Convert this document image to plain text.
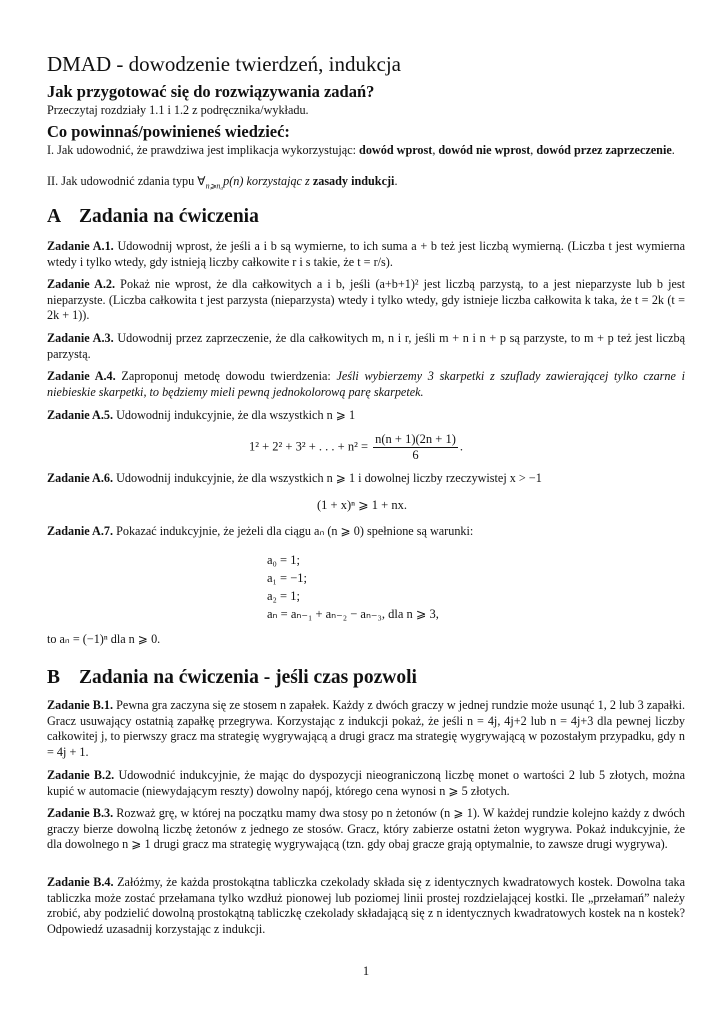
DMAD - dowodzenie twierdzeń, indukcja
Jak przygotować się do rozwiązywania zadań?
Przeczytaj rozdziały 1.1 i 1.2 z podręcznika/wykładu.
Co powinnaś/powinieneś wiedzieć:
I. Jak udowodnić, że prawdziwa jest implikacja wykorzystując: dowód wprost, dowód nie wprost, dowód przez zaprzeczenie.
II. Jak udowodnić zdania typu $\forall_{n⩾n_0}p(n)$ korzystając z zasady indukcji.
A Zadania na ćwiczenia
Zadanie A.1. Udowodnij wprost, że jeśli a i b są wymierne, to ich suma a + b też jest liczbą wymierną. (Liczba t jest wymierna wtedy i tylko wtedy, gdy istnieją liczby całkowite r i s takie, że t = r/s).
Zadanie A.2. Pokaż nie wprost, że dla całkowitych a i b, jeśli (a+b+1)² jest liczbą parzystą, to a jest nieparzyste lub b jest nieparzyste. (Liczba całkowita t jest parzysta (nieparzysta) wtedy i tylko wtedy, gdy istnieje liczba całkowita k taka, że t = 2k (t = 2k + 1)).
Zadanie A.3. Udowodnij przez zaprzeczenie, że dla całkowitych m, n i r, jeśli m + n i n + p są parzyste, to m + p też jest liczbą parzystą.
Zadanie A.4. Zaproponuj metodę dowodu twierdzenia: Jeśli wybierzemy 3 skarpetki z szuflady zawierającej tylko czarne i niebieskie skarpetki, to będziemy mieli pewną jednokolorową parę skarpetek.
Zadanie A.5. Udowodnij indukcyjnie, że dla wszystkich n ⩾ 1
1² + 2² + 3² + . . . + $n^2 = \frac{n(n + 1)(2n + 1)}{6}$ .
Zadanie A.6. Udowodnij indukcyjnie, że dla wszystkich n ⩾ 1 i dowolnej liczby rzeczywistej x > −1
(1 + x)ⁿ ⩾ 1 + nx.
Zadanie A.7. Pokazać indukcyjnie, że jeżeli dla ciągu aₙ (n ⩾ 0) spełnione są warunki:
a₀ = 1;
a₁ = −1;
a₂ = 1;
aₙ = aₙ₋₁ + aₙ₋₂ − aₙ₋₃, dla n ⩾ 3,
to aₙ = (−1)ⁿ dla n ⩾ 0.
B Zadania na ćwiczenia - jeśli czas pozwoli
Zadanie B.1. Pewna gra zaczyna się ze stosem n zapałek. Każdy z dwóch graczy w jednej rundzie może usunąć 1, 2 lub 3 zapałki. Gracz usuwający ostatnią zapałkę przegrywa. Korzystając z indukcji pokaż, że jeśli n = 4j, 4j+2 lub n = 4j+3 dla pewnej liczby całkowitej j, to pierwszy gracz ma strategię wygrywającą a drugi gracz ma strategię wygrywającą w pozostałym przypadku, gdy n = 4j + 1.
Zadanie B.2. Udowodnić indukcyjnie, że mając do dyspozycji nieograniczoną liczbę monet o wartości 2 lub 5 złotych, można kupić w automacie (niewydającym reszty) dowolny napój, którego cena wynosi n ⩾ 5 złotych.
Zadanie B.3. Rozważ grę, w której na początku mamy dwa stosy po n żetonów (n ⩾ 1). W każdej rundzie kolejno każdy z dwóch graczy bierze dowolną liczbę żetonów z jednego ze stosów. Gracz, który zabierze ostatni żeton wygrywa. Pokaż indukcyjnie, że dla dowolnego n ⩾ 1 drugi gracz ma strategię wygrywającą (tzn. gdy obaj gracze grają optymalnie, to zawsze drugi wygrywa).
Zadanie B.4. Załóżmy, że każda prostokątna tabliczka czekolady składa się z identycznych kwadratowych kostek. Dowolna taka tabliczka może zostać przełamana tylko wzdłuż pionowej lub poziomej linii prostej rozdzielającej kostki. Ile „przełamań” należy zrobić, aby podzielić dowolną prostokątną tabliczkę czekolady składającą się z n identycznych kwadratowych kostek na n kostek? Odpowiedź uzasadnij korzystając z indukcji.
1
